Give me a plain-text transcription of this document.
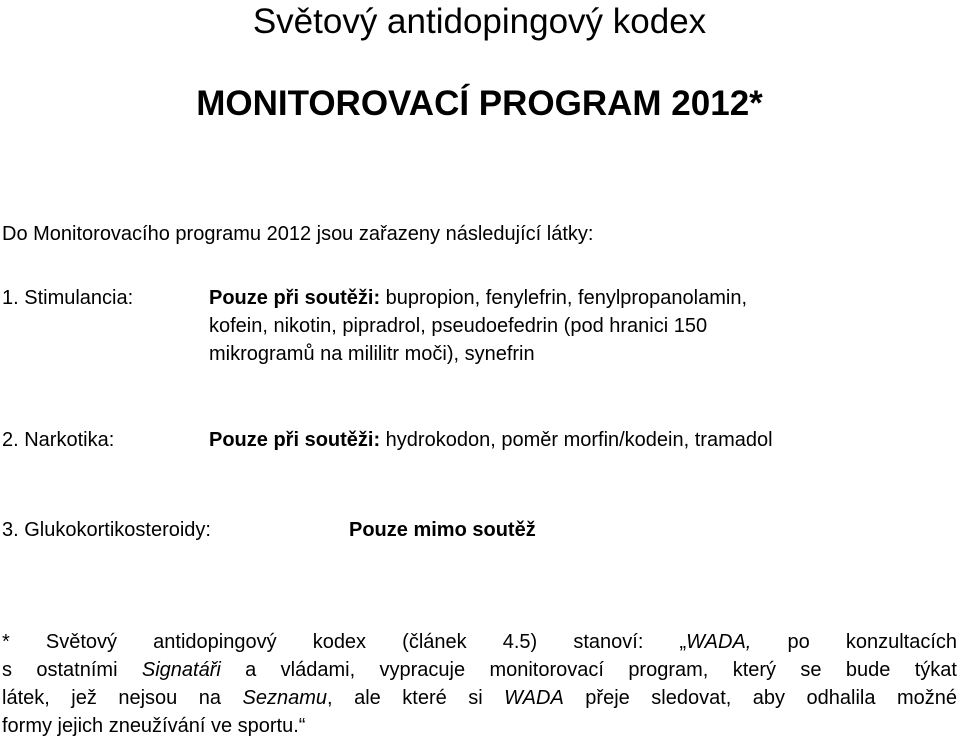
Světový antidopingový kodex
MONITOROVACÍ PROGRAM 2012*
Do Monitorovacího programu 2012 jsou zařazeny následující látky:
1. Stimulancia:	Pouze při soutěži: bupropion, fenylefrin, fenylpropanolamin,
kofein, nikotin, pipradrol, pseudoefedrin (pod hranici 150
mikrogramů na mililitr moči), synefrin
2. Narkotika:	Pouze při soutěži: hydrokodon, poměr morfin/kodein, tramadol
3. Glukokortikosteroidy:	Pouze mimo soutěž
* Světový antidopingový kodex (článek 4.5) stanoví: „WADA, po konzultacích
s ostatními Signatáři a vládami, vypracuje monitorovací program, který se bude týkat
látek, jež nejsou na Seznamu, ale které si WADA přeje sledovat, aby odhalila možné
formy jejich zneužívání ve sportu.“
